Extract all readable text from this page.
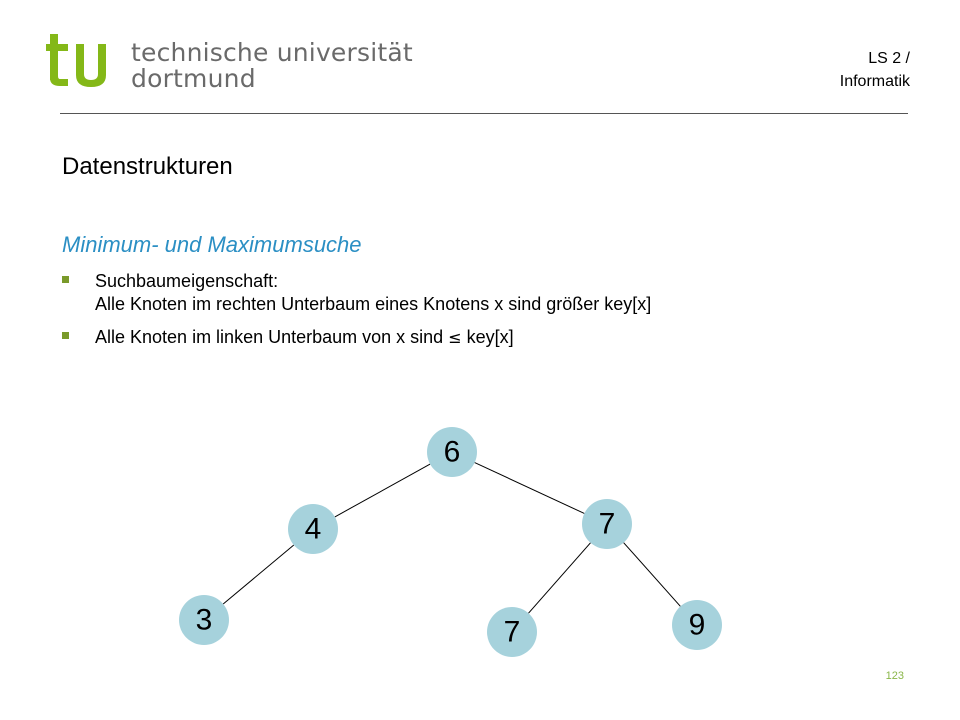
technische universität
dortmund
LS 2 /
Informatik
Datenstrukturen
Minimum- und Maximumsuche
Suchbaumeigenschaft:
Alle Knoten im rechten Unterbaum eines Knotens x sind größer key[x]
Alle Knoten im linken Unterbaum von x sind ≤ key[x]
6
4	7
3	7	9
123
